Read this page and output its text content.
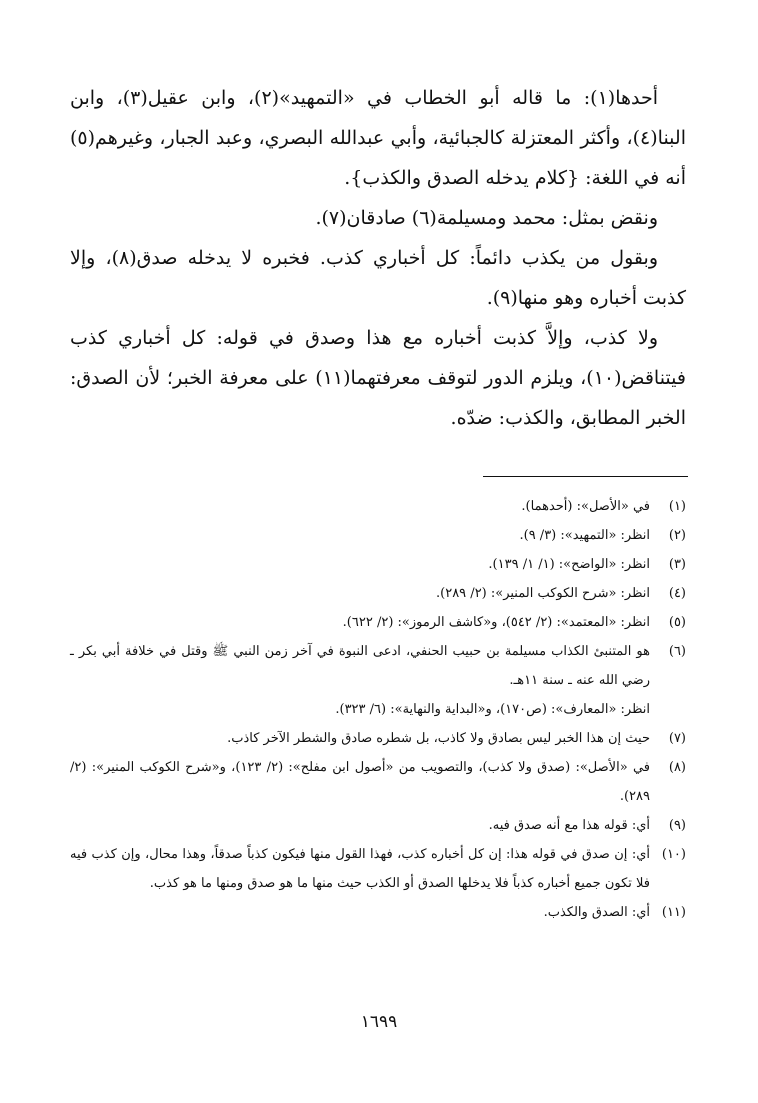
أحدها(١): ما قاله أبو الخطاب في «التمهيد»(٢)، وابن عقيل(٣)، وابن البنا(٤)، وأكثر المعتزلة كالجبائية، وأبي عبدالله البصري، وعبد الجبار، وغيرهم(٥) أنه في اللغة: {كلام يدخله الصدق والكذب}.

ونقض بمثل: محمد ومسيلمة(٦) صادقان(٧).

وبقول من يكذب دائماً: كل أخباري كذب. فخبره لا يدخله صدق(٨)، وإلا كذبت أخباره وهو منها(٩).

ولا كذب، وإلاَّ كذبت أخباره مع هذا وصدق في قوله: كل أخباري كذب فيتناقض(١٠)، ويلزم الدور لتوقف معرفتهما(١١) على معرفة الخبر؛ لأن الصدق: الخبر المطابق، والكذب: ضدّه.

(١)
في «الأصل»: (أحدهما).
(٢)
انظر: «التمهيد»: (٣/ ٩).
(٣)
انظر: «الواضح»: (١/ ١/ ١٣٩).
(٤)
انظر: «شرح الكوكب المنير»: (٢/ ٢٨٩).
(٥)
انظر: «المعتمد»: (٢/ ٥٤٢)، و«كاشف الرموز»: (٢/ ٦٢٢).
(٦)
هو المتنبئ الكذاب مسيلمة بن حبيب الحنفي، ادعى النبوة في آخر زمن النبي ﷺ وقتل في خلافة أبي بكر ـ رضي الله عنه ـ سنة ١١هـ.
انظر: «المعارف»: (ص١٧٠)، و«البداية والنهاية»: (٦/ ٣٢٣).
(٧)
حيث إن هذا الخبر ليس بصادق ولا كاذب، بل شطره صادق والشطر الآخر كاذب.
(٨)
في «الأصل»: (صدق ولا كذب)، والتصويب من «أصول ابن مفلح»: (٢/ ١٢٣)، و«شرح الكوكب المنير»: (٢/ ٢٨٩).
(٩)
أي: قوله هذا مع أنه صدق فيه.
(١٠)
أي: إن صدق في قوله هذا: إن كل أخباره كذب، فهذا القول منها فيكون كذباً صدقاً، وهذا محال، وإن كذب فيه فلا تكون جميع أخباره كذباً فلا يدخلها الصدق أو الكذب حيث منها ما هو صدق ومنها ما هو كذب.
(١١)
أي: الصدق والكذب.
١٦٩٩
